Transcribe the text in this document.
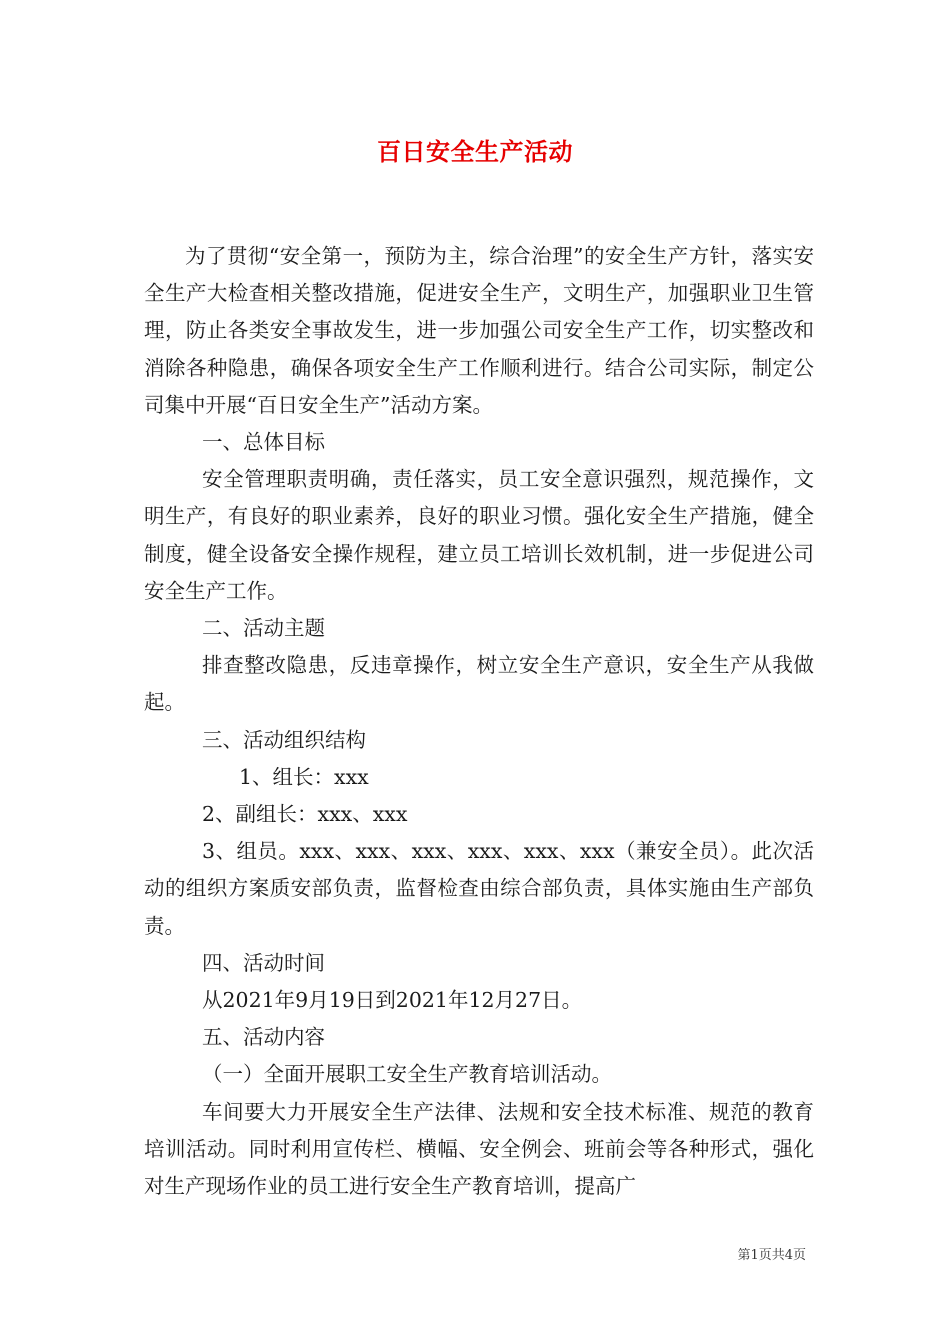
百日安全生产活动

为了贯彻“安全第一，预防为主，综合治理”的安全生产方针，落实安全生产大检查相关整改措施，促进安全生产，文明生产，加强职业卫生管理，防止各类安全事故发生，进一步加强公司安全生产工作，切实整改和消除各种隐患，确保各项安全生产工作顺利进行。结合公司实际，制定公司集中开展“百日安全生产”活动方案。

一、总体目标

安全管理职责明确，责任落实，员工安全意识强烈，规范操作，文明生产，有良好的职业素养，良好的职业习惯。强化安全生产措施，健全制度，健全设备安全操作规程，建立员工培训长效机制，进一步促进公司安全生产工作。

二、活动主题

排查整改隐患，反违章操作，树立安全生产意识，安全生产从我做起。

三、活动组织结构

1、组长：xxx

2、副组长：xxx、xxx

3、组员。xxx、xxx、xxx、xxx、xxx、xxx（兼安全员）。此次活动的组织方案质安部负责，监督检查由综合部负责，具体实施由生产部负责。

四、活动时间

从2021年9月19日到2021年12月27日。

五、活动内容

（一）全面开展职工安全生产教育培训活动。

车间要大力开展安全生产法律、法规和安全技术标准、规范的教育培训活动。同时利用宣传栏、横幅、安全例会、班前会等各种形式，强化对生产现场作业的员工进行安全生产教育培训，提高广

第1页共4页
